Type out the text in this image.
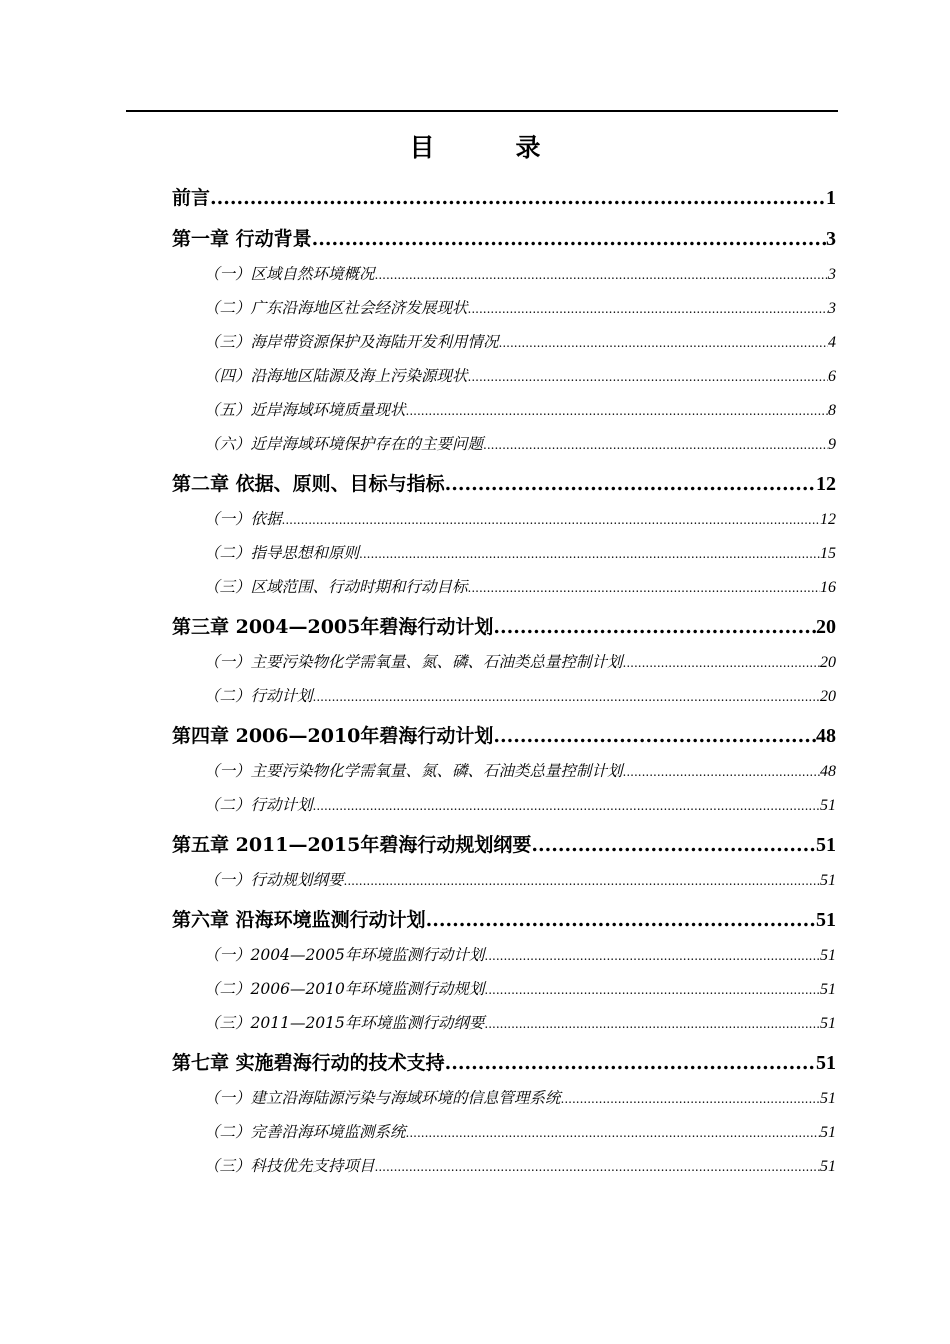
目　录
前言 .....	1
第一章 行动背景 .....	3
（一）区域自然环境概况 .....	3
（二）广东沿海地区社会经济发展现状 .....	3
（三）海岸带资源保护及海陆开发利用情况 .....	4
（四）沿海地区陆源及海上污染源现状 .....	6
（五）近岸海域环境质量现状 .....	8
（六）近岸海域环境保护存在的主要问题 .....	9
第二章 依据、原则、目标与指标 .....	12
（一）依据 .....	12
（二）指导思想和原则 .....	15
（三）区域范围、行动时期和行动目标 .....	16
第三章 2004—2005年碧海行动计划 .....	20
（一）主要污染物化学需氧量、氮、磷、石油类总量控制计划 .....	20
（二）行动计划 .....	20
第四章 2006—2010年碧海行动计划 .....	48
（一）主要污染物化学需氧量、氮、磷、石油类总量控制计划 .....	48
（二）行动计划 .....	51
第五章 2011—2015年碧海行动规划纲要 .....	51
（一）行动规划纲要 .....	51
第六章 沿海环境监测行动计划 .....	51
（一）2004—2005年环境监测行动计划 .....	51
（二）2006—2010年环境监测行动规划 .....	51
（三）2011—2015年环境监测行动纲要 .....	51
第七章 实施碧海行动的技术支持 .....	51
（一）建立沿海陆源污染与海域环境的信息管理系统 .....	51
（二）完善沿海环境监测系统 .....	51
（三）科技优先支持项目 .....	51
